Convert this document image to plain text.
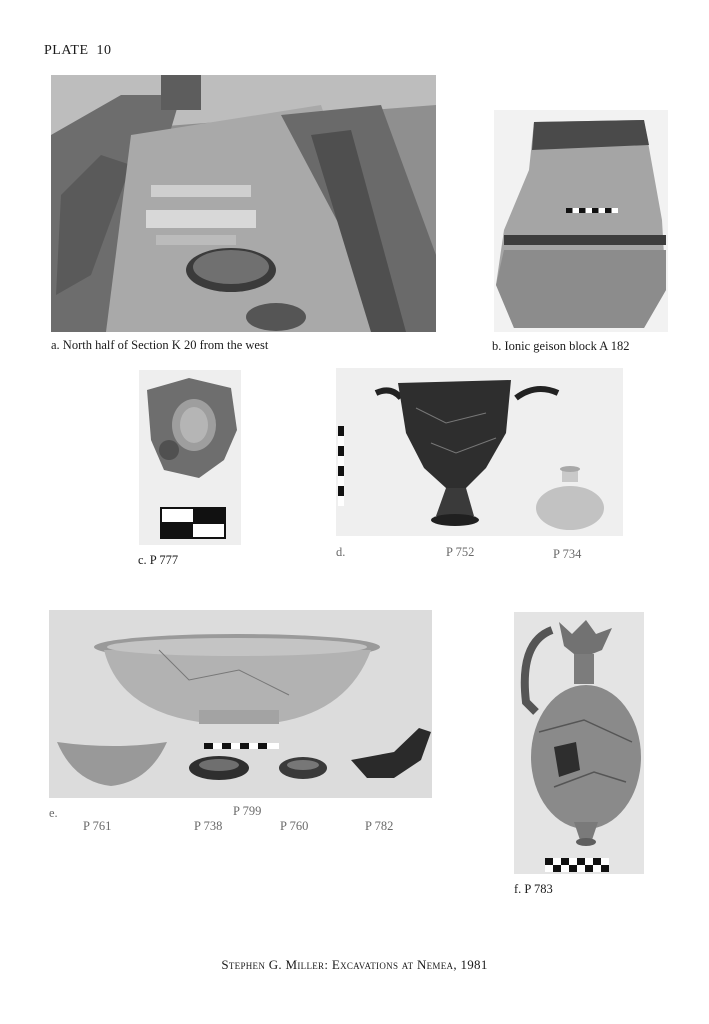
PLATE 10
a. North half of Section K 20 from the west	b. Ionic geison block A 182
c. P 777
d.	P 752	P 734
e.	P 799
P 761	P 738	P 760	P 782
f. P 783
Stephen G. Miller: Excavations at Nemea, 1981
